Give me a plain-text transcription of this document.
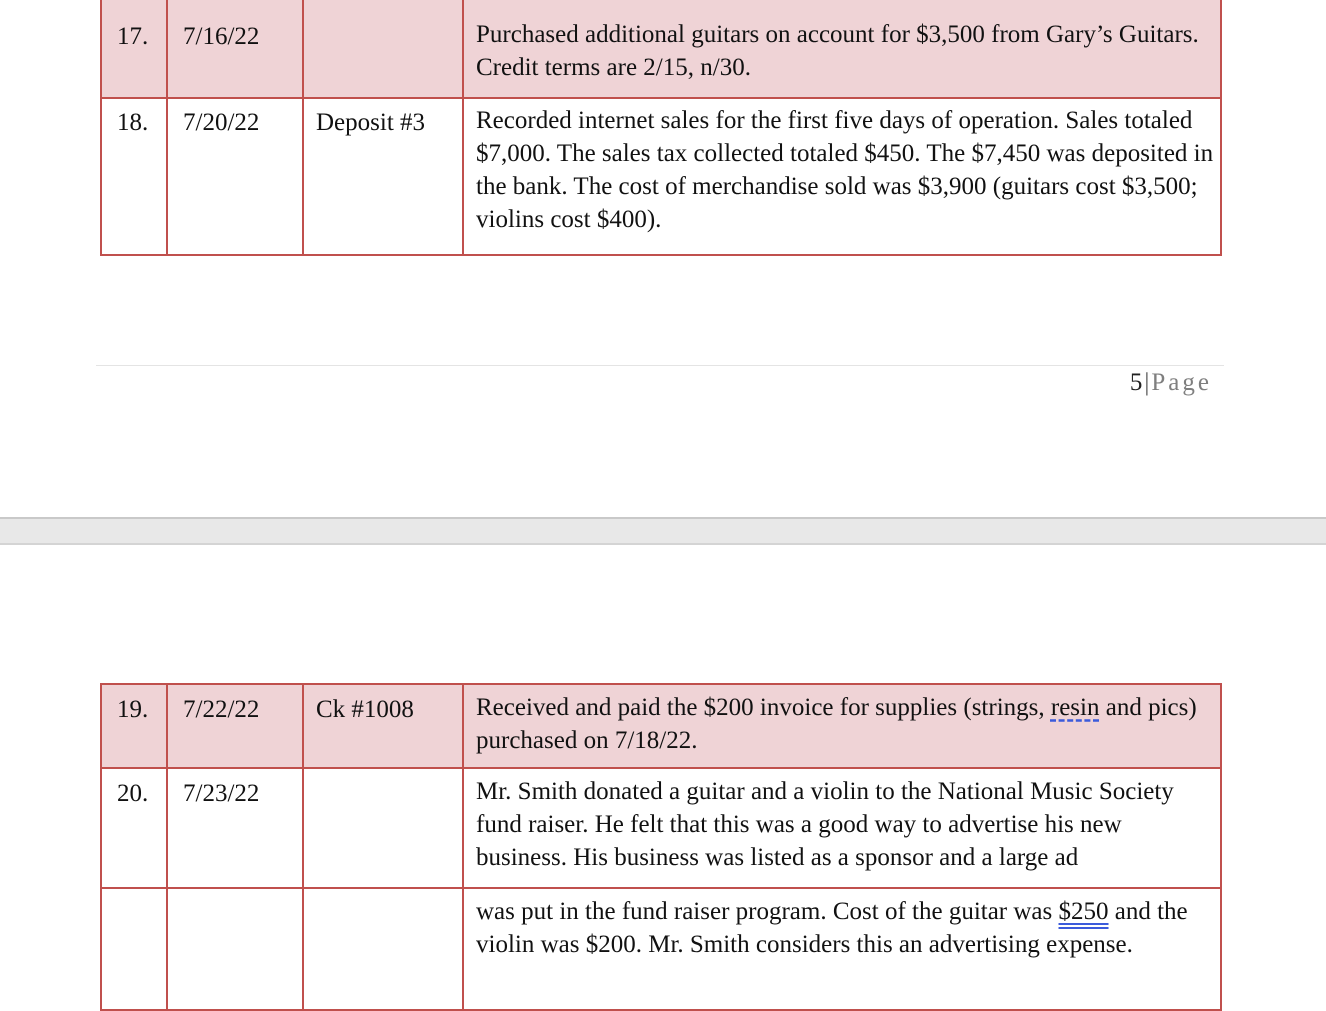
17.	7/16/22		Purchased additional guitars on account for $3,500 from Gary’s Guitars. Credit terms are 2/15, n/30.
18.	7/20/22	Deposit #3	Recorded internet sales for the first five days of operation. Sales totaled $7,000. The sales tax collected totaled $450. The $7,450 was deposited in the bank. The cost of merchandise sold was $3,900 (guitars cost $3,500; violins cost $400).
5|Page
19.	7/22/22	Ck #1008	Received and paid the $200 invoice for supplies (strings, resin and pics) purchased on 7/18/22.
20.	7/23/22		Mr. Smith donated a guitar and a violin to the National Music Society fund raiser. He felt that this was a good way to advertise his new business. His business was listed as a sponsor and a large ad
			was put in the fund raiser program. Cost of the guitar was $250 and the violin was $200. Mr. Smith considers this an advertising expense.
